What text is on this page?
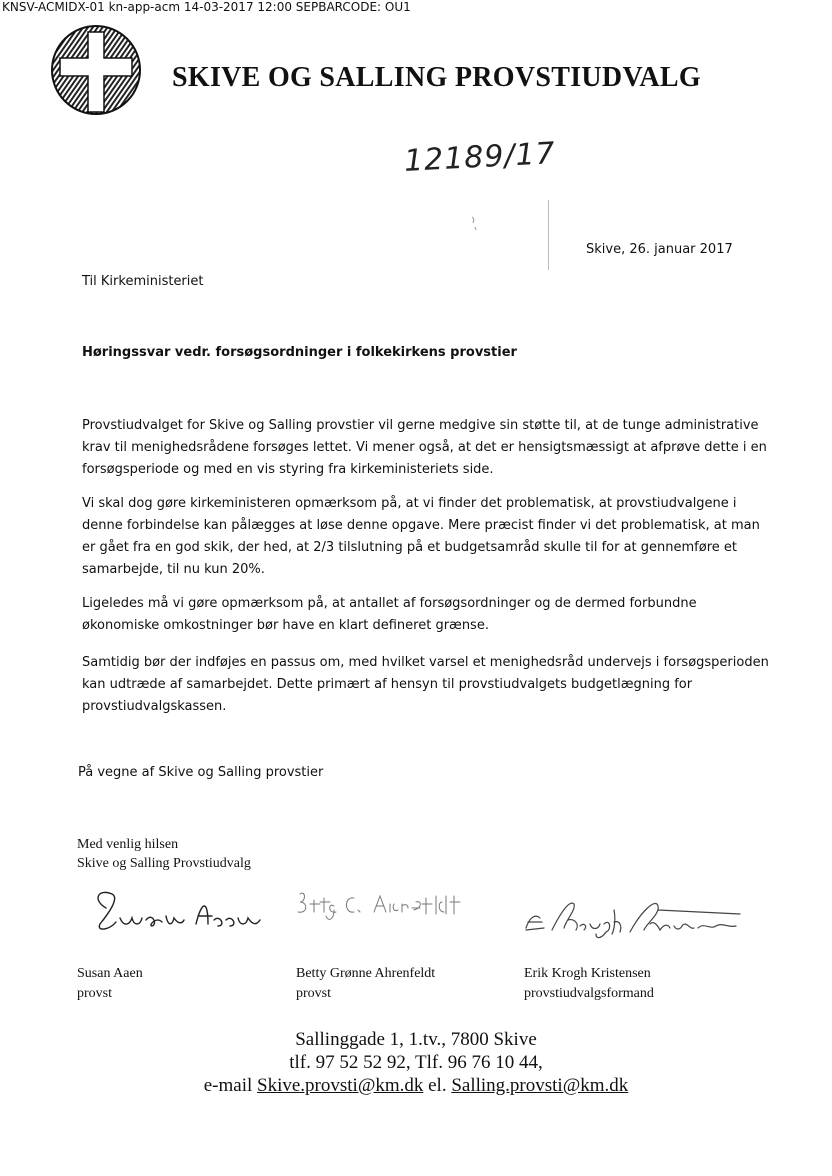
KNSV-ACMIDX-01 kn-app-acm 14-03-2017 12:00 SEPBARCODE: OU1
SKIVE OG SALLING PROVSTIUDVALG
12189/17
Skive, 26. januar 2017
Til Kirkeministeriet
Høringssvar vedr. forsøgsordninger i folkekirkens provstier
Provstiudvalget for Skive og Salling provstier vil gerne medgive sin støtte til, at de tunge administrative krav til menighedsrådene forsøges lettet. Vi mener også, at det er hensigtsmæssigt at afprøve dette i en forsøgsperiode og med en vis styring fra kirkeministeriets side.
Vi skal dog gøre kirkeministeren opmærksom på, at vi finder det problematisk, at provstiudvalgene i denne forbindelse kan pålægges at løse denne opgave. Mere præcist finder vi det problematisk, at man er gået fra en god skik, der hed, at 2/3 tilslutning på et budgetsamråd skulle til for at gennemføre et samarbejde, til nu kun 20%.
Ligeledes må vi gøre opmærksom på, at antallet af forsøgsordninger og de dermed forbundne økonomiske omkostninger bør have en klart defineret grænse.
Samtidig bør der indføjes en passus om, med hvilket varsel et menighedsråd undervejs i forsøgsperioden kan udtræde af samarbejdet. Dette primært af hensyn til provstiudvalgets budgetlægning for provstiudvalgskassen.
På vegne af Skive og Salling provstier
Med venlig hilsen
Skive og Salling Provstiudvalg
Susan Aaen
provst
Betty Grønne Ahrenfeldt
provst
Erik Krogh Kristensen
provstiudvalgsformand
Sallinggade 1, 1.tv., 7800 Skive
tlf. 97 52 52 92, Tlf. 96 76 10 44,
e-mail Skive.provsti@km.dk el. Salling.provsti@km.dk
